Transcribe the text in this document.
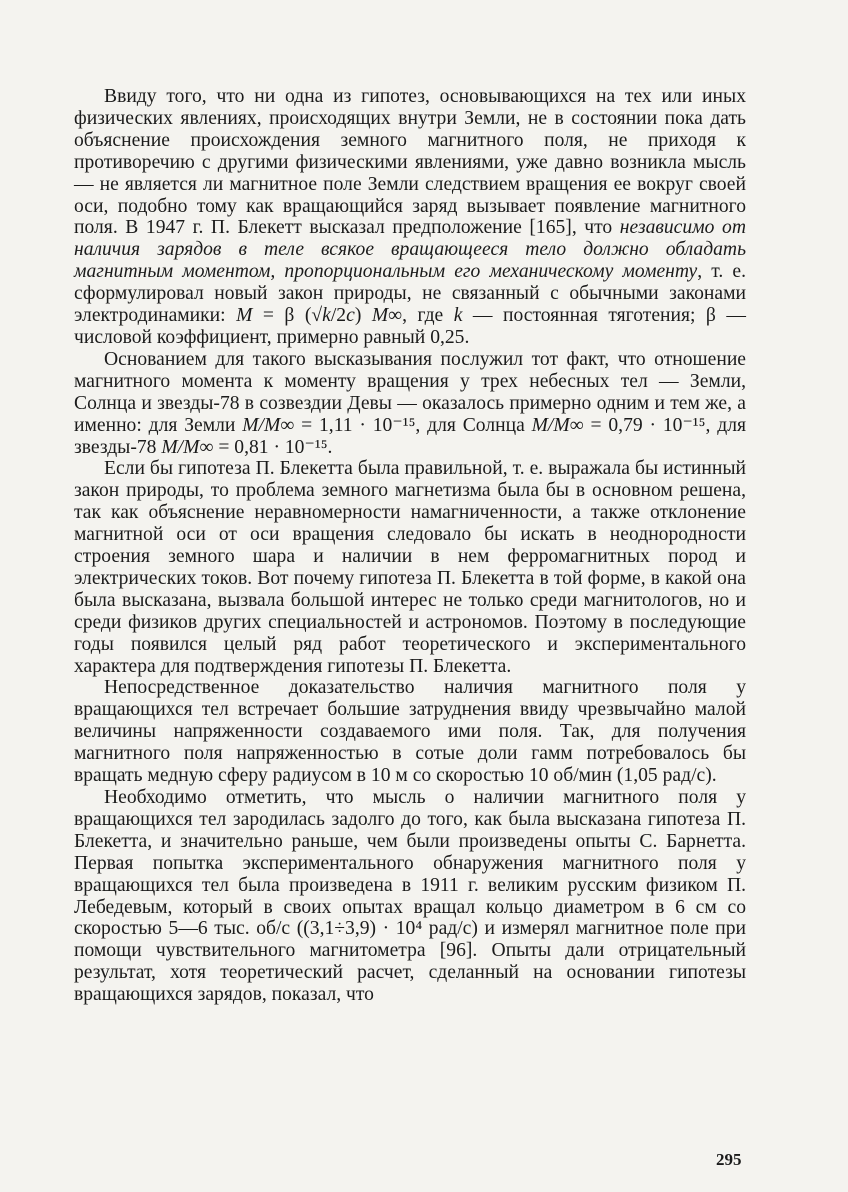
Ввиду того, что ни одна из гипотез, основывающихся на тех или иных физических явлениях, происходящих внутри Земли, не в состоянии пока дать объяснение происхождения земного магнитного поля, не приходя к противоречию с другими физическими явлениями, уже давно возникла мысль — не является ли магнитное поле Земли следствием вращения ее вокруг своей оси, подобно тому как вращающийся заряд вызывает появление магнитного поля. В 1947 г. П. Блекетт высказал предположение [165], что независимо от наличия зарядов в теле всякое вращающееся тело должно обладать магнитным моментом, пропорциональным его механическому моменту, т. е. сформулировал новый закон природы, не связанный с обычными законами электродинамики: M = β (√k/2c) M∞, где k — постоянная тяготения; β — числовой коэффициент, примерно равный 0,25.

Основанием для такого высказывания послужил тот факт, что отношение магнитного момента к моменту вращения у трех небесных тел — Земли, Солнца и звезды-78 в созвездии Девы — оказалось примерно одним и тем же, а именно: для Земли M/M∞ = 1,11 · 10⁻¹⁵, для Солнца M/M∞ = 0,79 · 10⁻¹⁵, для звезды-78 M/M∞ = 0,81 · 10⁻¹⁵.

Если бы гипотеза П. Блекетта была правильной, т. е. выражала бы истинный закон природы, то проблема земного магнетизма была бы в основном решена, так как объяснение неравномерности намагниченности, а также отклонение магнитной оси от оси вращения следовало бы искать в неоднородности строения земного шара и наличии в нем ферромагнитных пород и электрических токов. Вот почему гипотеза П. Блекетта в той форме, в какой она была высказана, вызвала большой интерес не только среди магнитологов, но и среди физиков других специальностей и астрономов. Поэтому в последующие годы появился целый ряд работ теоретического и экспериментального характера для подтверждения гипотезы П. Блекетта.

Непосредственное доказательство наличия магнитного поля у вращающихся тел встречает большие затруднения ввиду чрезвычайно малой величины напряженности создаваемого ими поля. Так, для получения магнитного поля напряженностью в сотые доли гамм потребовалось бы вращать медную сферу радиусом в 10 м со скоростью 10 об/мин (1,05 рад/с).

Необходимо отметить, что мысль о наличии магнитного поля у вращающихся тел зародилась задолго до того, как была высказана гипотеза П. Блекетта, и значительно раньше, чем были произведены опыты С. Барнетта. Первая попытка экспериментального обнаружения магнитного поля у вращающихся тел была произведена в 1911 г. великим русским физиком П. Лебедевым, который в своих опытах вращал кольцо диаметром в 6 см со скоростью 5—6 тыс. об/с ((3,1÷3,9) · 10⁴ рад/с) и измерял магнитное поле при помощи чувствительного магнитометра [96]. Опыты дали отрицательный результат, хотя теоретический расчет, сделанный на основании гипотезы вращающихся зарядов, показал, что

295
